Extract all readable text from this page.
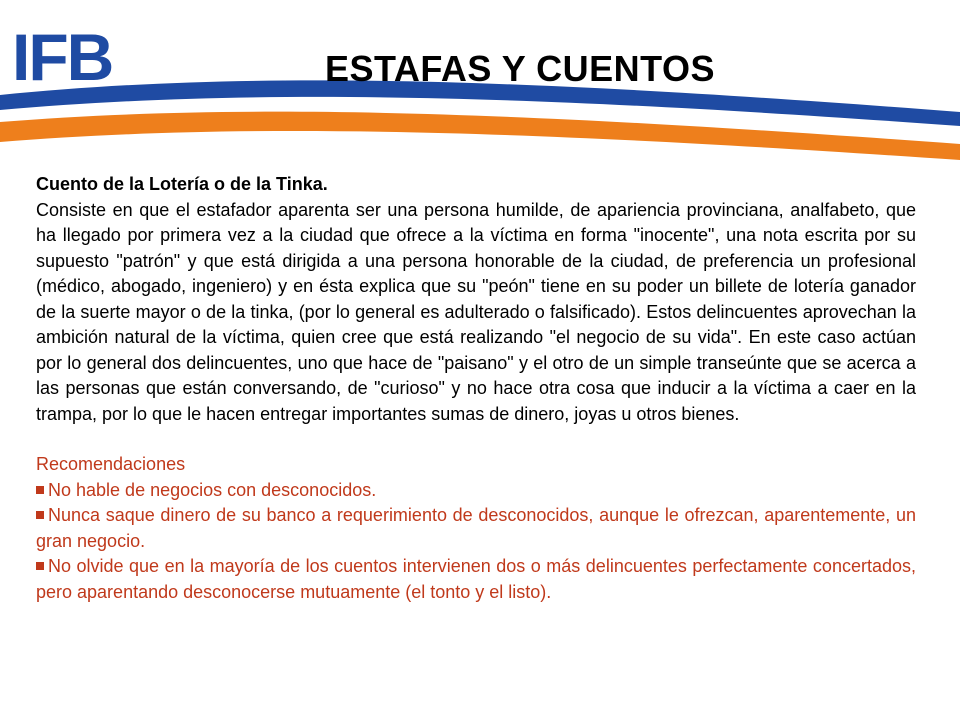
IFB	ESTAFAS Y CUENTOS
Cuento de la Lotería o de la Tinka.
Consiste en que el estafador aparenta ser una persona humilde, de apariencia provinciana, analfabeto, que ha llegado por primera vez a la ciudad que ofrece a la víctima en forma "inocente", una nota escrita por su supuesto "patrón" y que está dirigida a una persona honorable de la ciudad, de preferencia un profesional (médico, abogado, ingeniero) y en ésta explica que su "peón" tiene en su poder un billete de lotería ganador de la suerte mayor o de la tinka, (por lo general es adulterado o falsificado). Estos delincuentes aprovechan la ambición natural de la víctima, quien cree que está realizando "el negocio de su vida". En este caso actúan por lo general dos delincuentes, uno que hace de "paisano" y el otro de un simple transeúnte que se acerca a las personas que están conversando, de "curioso" y no hace otra cosa que inducir a la víctima a caer en la trampa, por lo que le hacen entregar importantes sumas de dinero, joyas u otros bienes.
Recomendaciones
No hable de negocios con desconocidos.
Nunca saque dinero de su banco a requerimiento de desconocidos, aunque le ofrezcan, aparentemente, un gran negocio.
No olvide que en la mayoría de los cuentos intervienen dos o más delincuentes perfectamente concertados, pero aparentando desconocerse mutuamente (el tonto y el listo).
